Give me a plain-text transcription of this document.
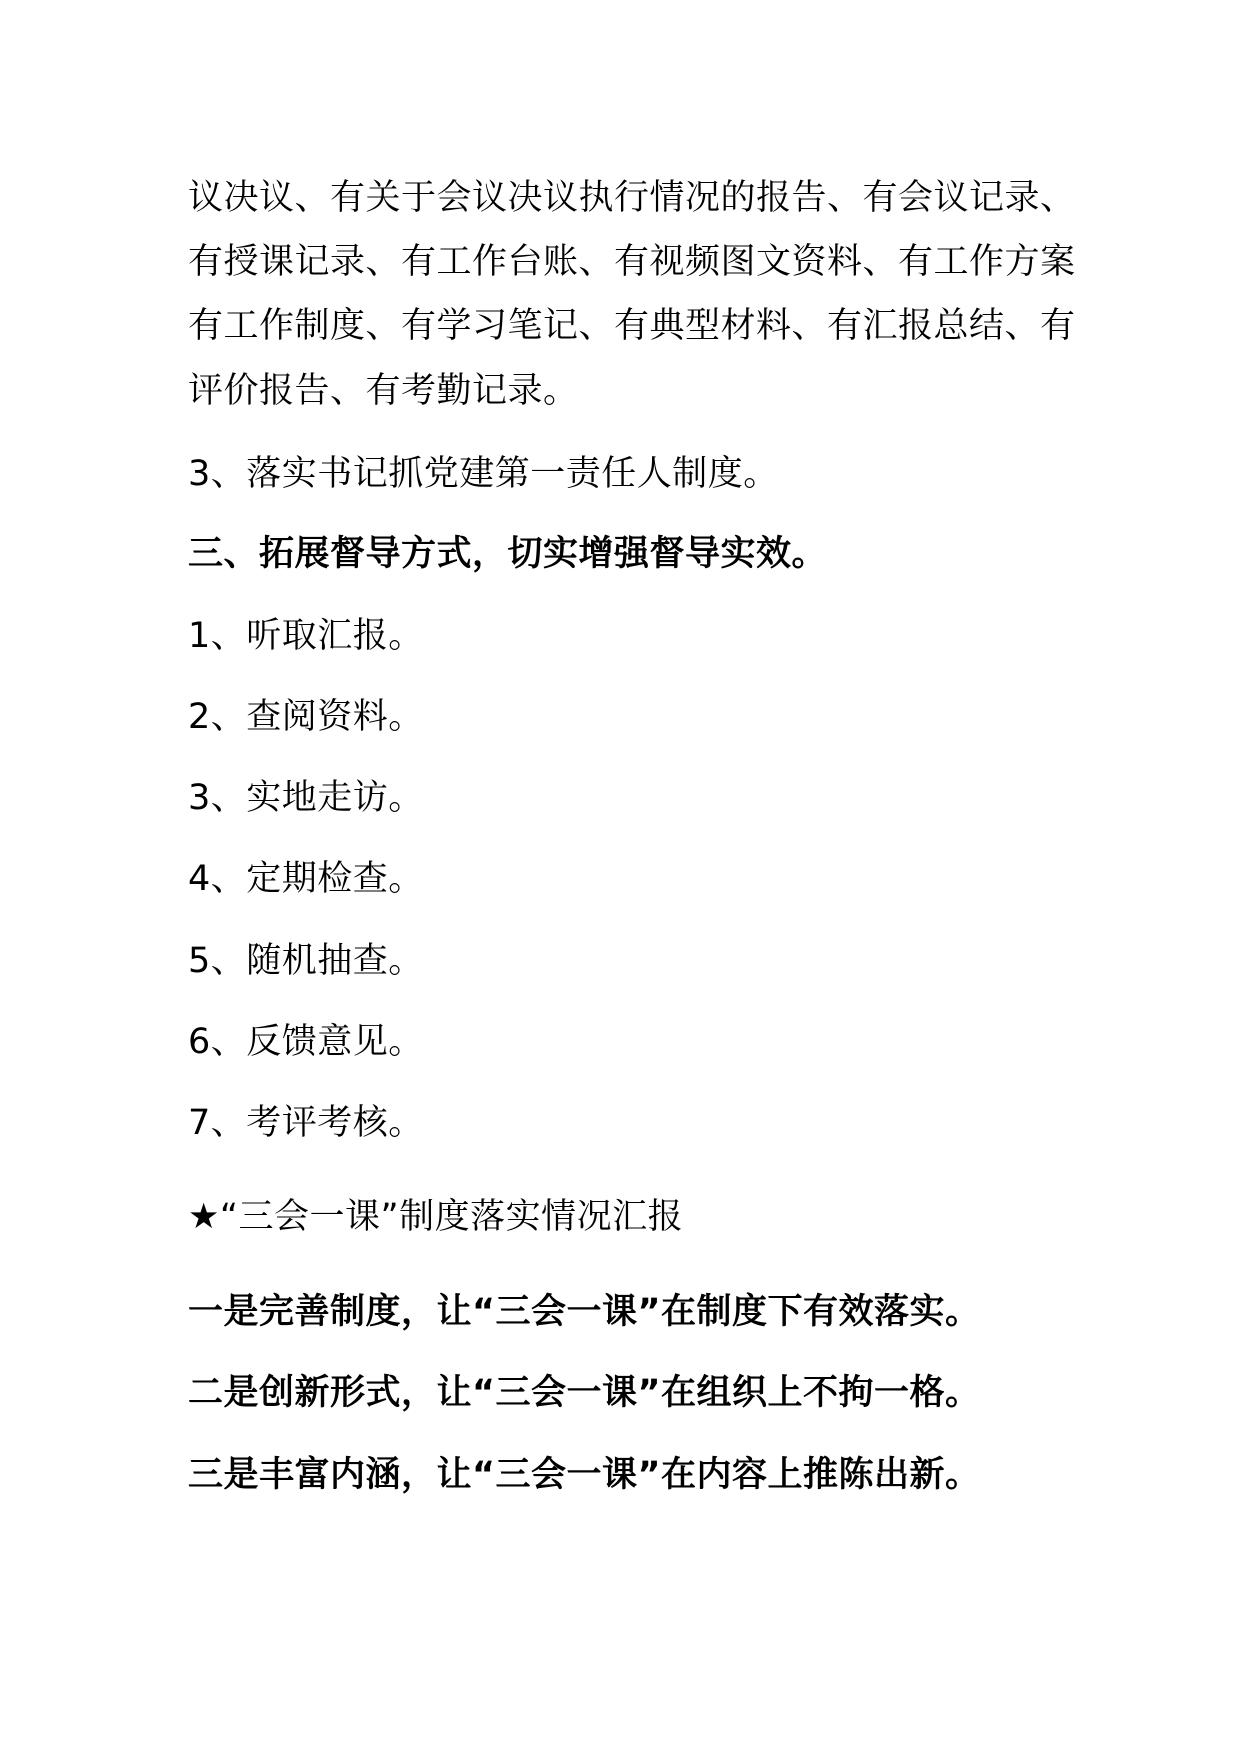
议决议、有关于会议决议执行情况的报告、有会议记录、
有授课记录、有工作台账、有视频图文资料、有工作方案
有工作制度、有学习笔记、有典型材料、有汇报总结、有
评价报告、有考勤记录。
3、落实书记抓党建第一责任人制度。
三、拓展督导方式，切实增强督导实效。
1、听取汇报。
2、查阅资料。
3、实地走访。
4、定期检查。
5、随机抽查。
6、反馈意见。
7、考评考核。
★“三会一课”制度落实情况汇报
一是完善制度，让“三会一课”在制度下有效落实。
二是创新形式，让“三会一课”在组织上不拘一格。
三是丰富内涵，让“三会一课”在内容上推陈出新。
